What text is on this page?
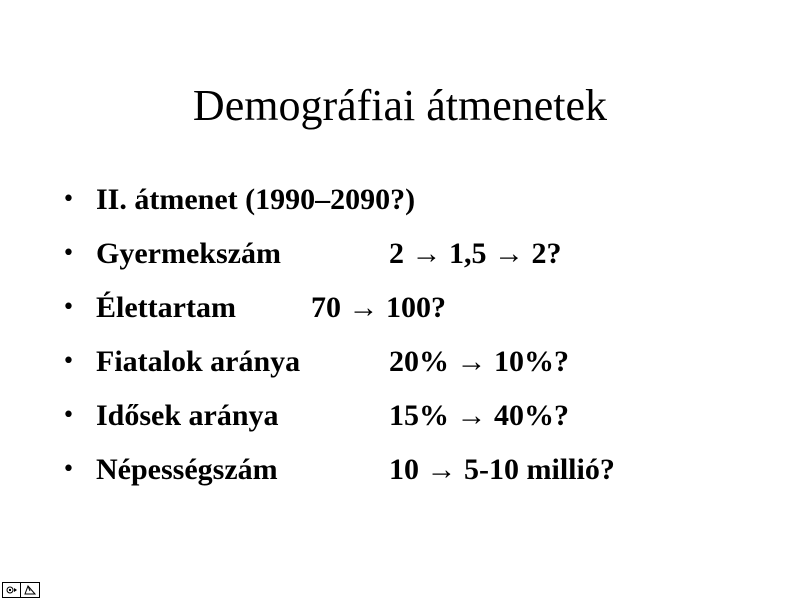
Demográfiai átmenetek
• II. átmenet (1990–2090?)
• Gyermekszám	2 → 1,5 → 2?
• Élettartam	70 → 100?
• Fiatalok aránya	20% → 10%?
• Idősek aránya	15% → 40%?
• Népességszám	10 → 5-10 millió?
